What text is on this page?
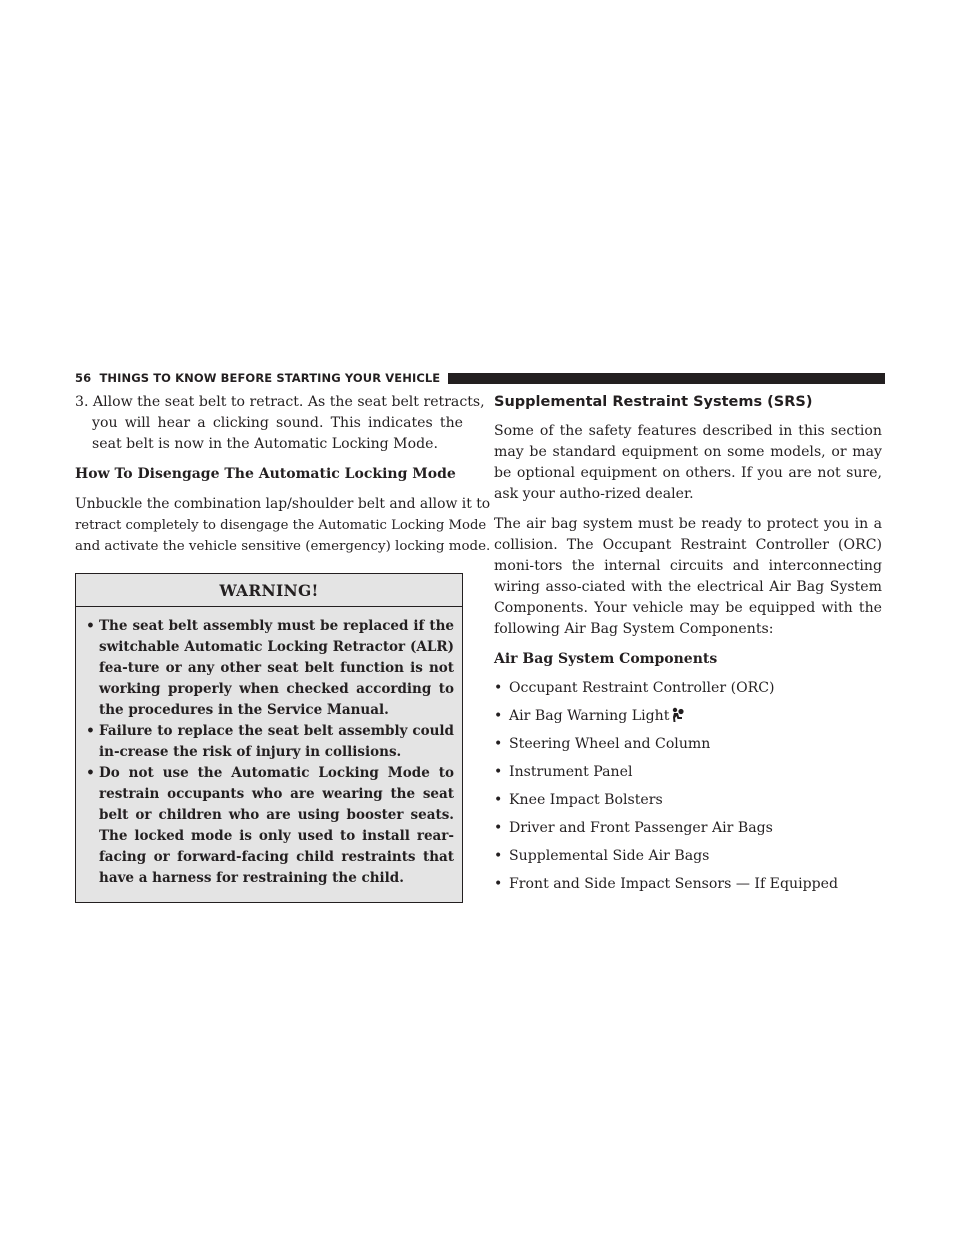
56 THINGS TO KNOW BEFORE STARTING YOUR VEHICLE

3. Allow the seat belt to retract. As the seat belt retracts,
you will hear a clicking sound. This indicates the seat belt is now in the Automatic Locking Mode.

How To Disengage The Automatic Locking Mode

Unbuckle the combination lap/shoulder belt and allow it to
retract completely to disengage the Automatic Locking Mode
and activate the vehicle sensitive (emergency) locking mode.

WARNING!
• The seat belt assembly must be replaced if the switchable Automatic Locking Retractor (ALR) fea-ture or any other seat belt function is not working properly when checked according to the procedures in the Service Manual.
• Failure to replace the seat belt assembly could in-crease the risk of injury in collisions.
• Do not use the Automatic Locking Mode to restrain occupants who are wearing the seat belt or children who are using booster seats. The locked mode is only used to install rear-facing or forward-facing child restraints that have a harness for restraining the child.
Supplemental Restraint Systems (SRS)

Some of the safety features described in this section may be standard equipment on some models, or may be optional equipment on others. If you are not sure, ask your autho-rized dealer.

The air bag system must be ready to protect you in a collision. The Occupant Restraint Controller (ORC) moni-tors the internal circuits and interconnecting wiring asso-ciated with the electrical Air Bag System Components. Your vehicle may be equipped with the following Air Bag System Components:

Air Bag System Components

• Occupant Restraint Controller (ORC)
• Air Bag Warning Light
• Steering Wheel and Column
• Instrument Panel
• Knee Impact Bolsters
• Driver and Front Passenger Air Bags
• Supplemental Side Air Bags
• Front and Side Impact Sensors — If Equipped
